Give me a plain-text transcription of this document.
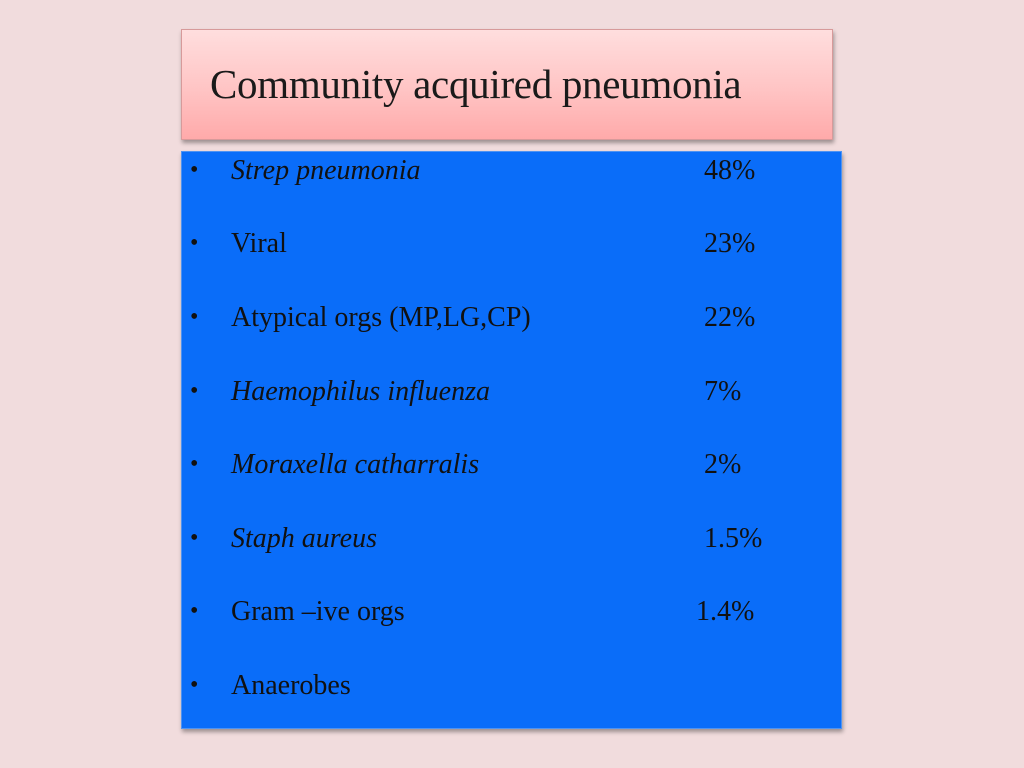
Community acquired pneumonia
• Strep pneumonia	48%
• Viral	23%
• Atypical orgs (MP,LG,CP)	22%
• Haemophilus influenza	7%
• Moraxella catharralis	2%
• Staph aureus	1.5%
• Gram –ive orgs	1.4%
• Anaerobes
